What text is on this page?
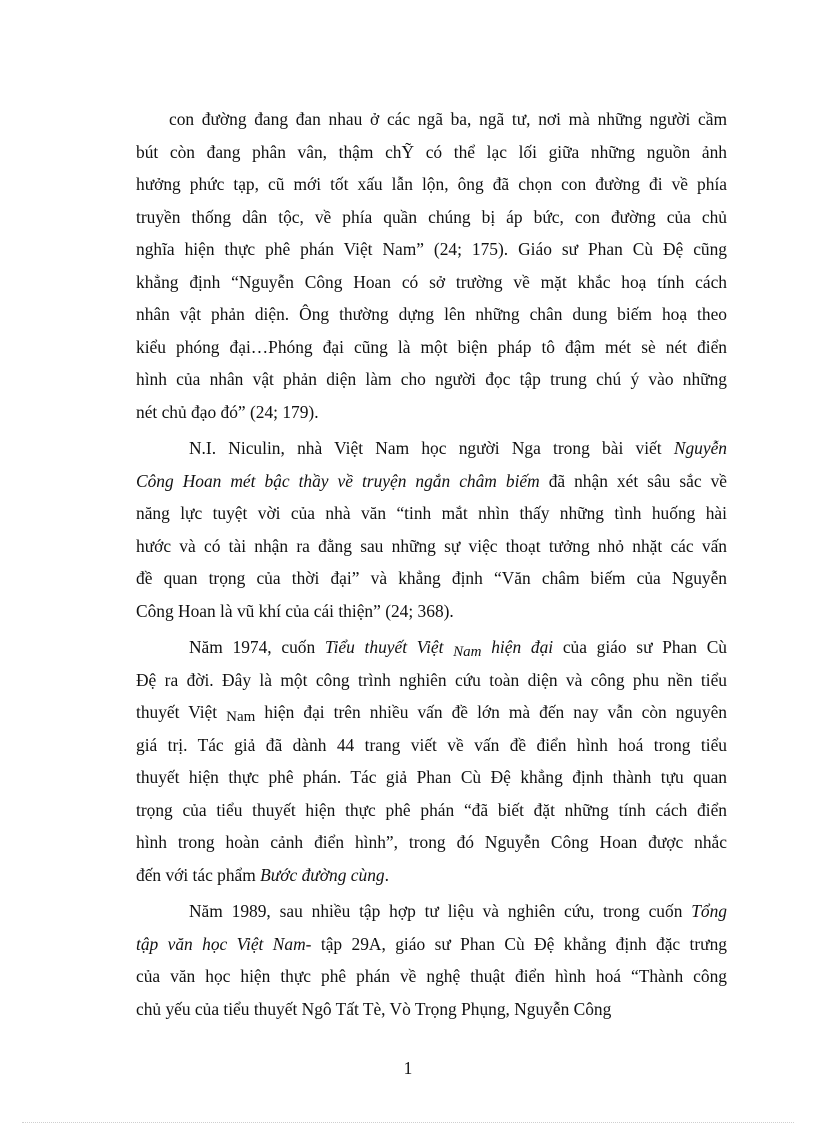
con đường đang đan nhau ở các ngã ba, ngã tư, nơi mà những người cầm
bút còn đang phân vân, thậm chỸ có thể lạc lối giữa những nguồn ảnh
hưởng phức tạp, cũ mới tốt xấu lẫn lộn, ông đã chọn con đường đi về phía
truyền thống dân tộc, về phía quần chúng bị áp bức, con đường của chủ
nghĩa hiện thực phê phán Việt Nam” (24; 175). Giáo sư Phan Cù Đệ cũng
khẳng định “Nguyễn Công Hoan có sở trường về mặt khắc hoạ tính cách
nhân vật phản diện. Ông thường dựng lên những chân dung biếm hoạ theo
kiểu phóng đại…Phóng đại cũng là một biện pháp tô đậm mét sè nét điển
hình của nhân vật phản diện làm cho người đọc tập trung chú ý vào những
nét chủ đạo đó” (24; 179).
N.I. Niculin, nhà Việt Nam học người Nga trong bài viết Nguyễn
Công Hoan mét bậc thầy về truyện ngắn châm biếm đã nhận xét sâu sắc về
năng lực tuyệt vời của nhà văn “tinh mắt nhìn thấy những tình huống hài
hước và có tài nhận ra đằng sau những sự việc thoạt tưởng nhỏ nhặt các vấn
đề quan trọng của thời đại” và khẳng định “Văn châm biếm của Nguyễn
Công Hoan là vũ khí của cái thiện” (24; 368).
Năm 1974, cuốn Tiểu thuyết Việt Nam hiện đại của giáo sư Phan Cù
Đệ ra đời. Đây là một công trình nghiên cứu toàn diện và công phu nền tiểu
thuyết Việt Nam hiện đại trên nhiều vấn đề lớn mà đến nay vẫn còn nguyên
giá trị. Tác giả đã dành 44 trang viết về vấn đề điển hình hoá trong tiểu
thuyết hiện thực phê phán. Tác giả Phan Cù Đệ khẳng định thành tựu quan
trọng của tiểu thuyết hiện thực phê phán “đã biết đặt những tính cách điển
hình trong hoàn cảnh điển hình”, trong đó Nguyễn Công Hoan được nhắc
đến với tác phẩm Bước đường cùng.
Năm 1989, sau nhiều tập hợp tư liệu và nghiên cứu, trong cuốn Tổng
tập văn học Việt Nam- tập 29A, giáo sư Phan Cù Đệ khẳng định đặc trưng
của văn học hiện thực phê phán về nghệ thuật điển hình hoá “Thành công
chủ yếu của tiểu thuyết Ngô Tất Tè, Vò Trọng Phụng, Nguyễn Công
1
